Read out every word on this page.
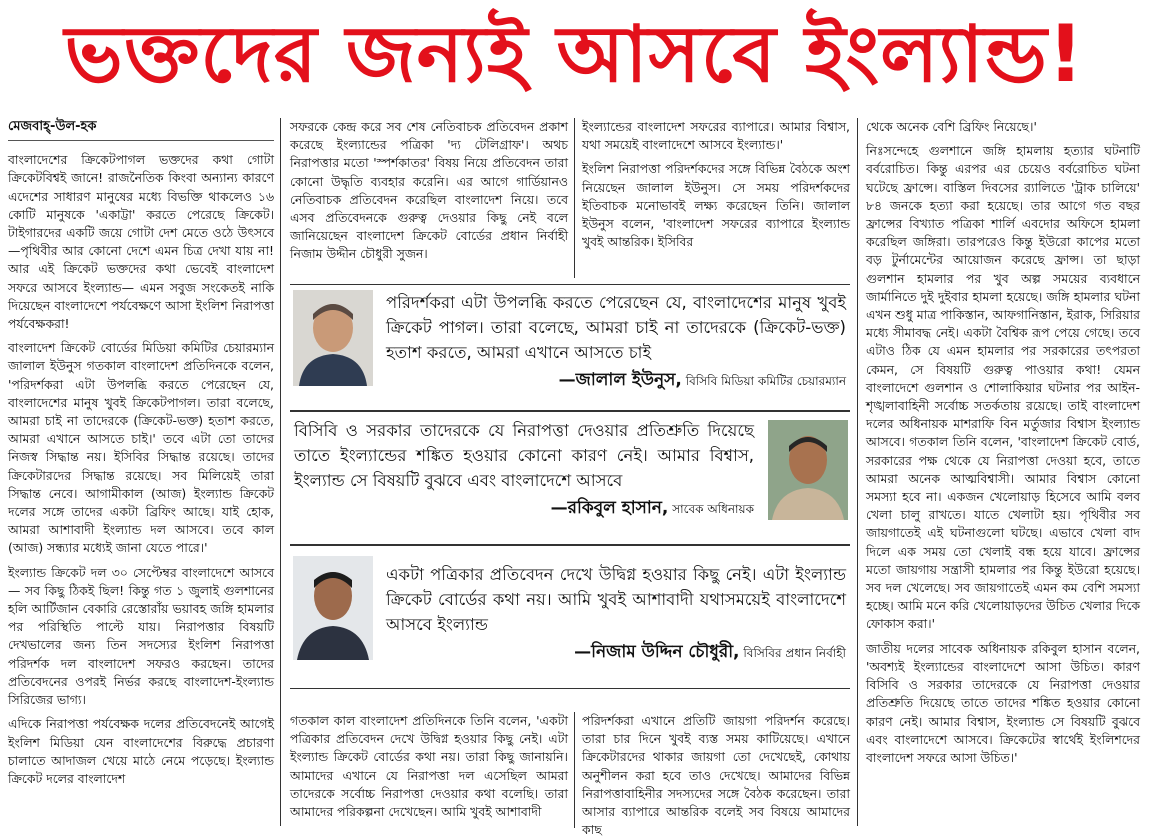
ভক্তদের জন্যই আসবে ইংল্যান্ড!

মেজবাহ্-উল-হক

বাংলাদেশের ক্রিকেটপাগল ভক্তদের কথা গোটা ক্রিকেটবিশ্বই জানে! রাজনৈতিক কিংবা অন্যান্য কারণে এদেশের সাধারণ মানুষের মধ্যে বিভক্তি থাকলেও ১৬ কোটি মানুষকে 'একাট্টা' করতে পেরেছে ক্রিকেট। টাইগারদের একটি জয়ে গোটা দেশ মেতে ওঠে উৎসবে—পৃথিবীর আর কোনো দেশে এমন চিত্র দেখা যায় না! আর এই ক্রিকেট ভক্তদের কথা ভেবেই বাংলাদেশ সফরে আসবে ইংল্যান্ড— এমন সবুজ সংকেতই নাকি দিয়েছেন বাংলাদেশে পর্যবেক্ষণে আসা ইংলিশ নিরাপত্তা পর্যবেক্ষকরা!

বাংলাদেশ ক্রিকেট বোর্ডের মিডিয়া কমিটির চেয়ারম্যান জালাল ইউনুস গতকাল বাংলাদেশ প্রতিদিনকে বলেন, 'পরিদর্শকরা এটা উপলব্ধি করতে পেরেছেন যে, বাংলাদেশের মানুষ খুবই ক্রিকেটপাগল। তারা বলেছে, আমরা চাই না তাদেরকে (ক্রিকেট-ভক্ত) হতাশ করতে, আমরা এখানে আসতে চাই।' তবে এটা তো তাদের নিজস্ব সিদ্ধান্ত নয়। ইসিবির সিদ্ধান্ত রয়েছে। তাদের ক্রিকেটারদের সিদ্ধান্ত রয়েছে। সব মিলিয়েই তারা সিদ্ধান্ত নেবে। আগামীকাল (আজ) ইংল্যান্ড ক্রিকেট দলের সঙ্গে তাদের একটা ব্রিফিং আছে। যাই হোক, আমরা আশাবাদী ইংল্যান্ড দল আসবে। তবে কাল (আজ) সন্ধ্যার মধ্যেই জানা যেতে পারে।'

ইংল্যান্ড ক্রিকেট দল ৩০ সেপ্টেম্বর বাংলাদেশে আসবে— সব কিছু ঠিকই ছিল! কিন্তু গত ১ জুলাই গুলশানের হলি আর্টিজান বেকারি রেস্তোরাঁয় ভয়াবহ জঙ্গি হামলার পর পরিস্থিতি পাল্টে যায়। নিরাপত্তার বিষয়টি দেখভালের জন্য তিন সদস্যের ইংলিশ নিরাপত্তা পরিদর্শক দল বাংলাদেশ সফরও করছেন। তাদের প্রতিবেদনের ওপরই নির্ভর করছে বাংলাদেশ-ইংল্যান্ড সিরিজের ভাগ্য।

এদিকে নিরাপত্তা পর্যবেক্ষক দলের প্রতিবেদনেই আগেই ইংলিশ মিডিয়া যেন বাংলাদেশের বিরুদ্ধে প্রচারণা চালাতে আদাজল খেয়ে মাঠে নেমে পড়েছে। ইংল্যান্ড ক্রিকেট দলের বাংলাদেশ

সফরকে কেন্দ্র করে সব শেষ নেতিবাচক প্রতিবেদন প্রকাশ করেছে ইংল্যান্ডের পত্রিকা 'দ্য টেলিগ্রাফ'। অথচ নিরাপত্তার মতো 'স্পর্শকাতর' বিষয় নিয়ে প্রতিবেদন তারা কোনো উদ্ধৃতি ব্যবহার করেনি। এর আগে গার্ডিয়ানও নেতিবাচক প্রতিবেদন করেছিল বাংলাদেশ নিয়ে। তবে এসব প্রতিবেদনকে গুরুত্ব দেওয়ার কিছু নেই বলে জানিয়েছেন বাংলাদেশ ক্রিকেট বোর্ডের প্রধান নির্বাহী নিজাম উদ্দীন চৌধুরী সুজন।

ইংল্যান্ডের বাংলাদেশ সফরের ব্যাপারে। আমার বিশ্বাস, যথা সময়েই বাংলাদেশে আসবে ইংল্যান্ড।'

ইংলিশ নিরাপত্তা পরিদর্শকদের সঙ্গে বিভিন্ন বৈঠকে অংশ নিয়েছেন জালাল ইউনুস। সে সময় পরিদর্শকদের ইতিবাচক মনোভাবই লক্ষ্য করেছেন তিনি। জালাল ইউনুস বলেন, 'বাংলাদেশ সফরের ব্যাপারে ইংল্যান্ড খুবই আন্তরিক। ইসিবির

থেকে অনেক বেশি ব্রিফিং নিয়েছে।'

নিঃসন্দেহে গুলশানে জঙ্গি হামলায় হত্যার ঘটনাটি বর্বরোচিত। কিন্তু এরপর এর চেয়েও বর্বরোচিত ঘটনা ঘটেছে ফ্রান্সে। বাস্তিল দিবসের র‌্যালিতে 'ট্রাক চালিয়ে' ৮৪ জনকে হত্যা করা হয়েছে। তার আগে গত বছর ফ্রান্সের বিখ্যাত পত্রিকা শার্লি এবদোর অফিসে হামলা করেছিল জঙ্গিরা। তারপরেও কিন্তু ইউরো কাপের মতো বড় টুর্নামেন্টের আয়োজন করেছে ফ্রান্স। তা ছাড়া গুলশান হামলার পর খুব অল্প সময়ের ব্যবধানে জার্মানিতে দুই দুইবার হামলা হয়েছে। জঙ্গি হামলার ঘটনা এখন শুধু মাত্র পাকিস্তান, আফগানিস্তান, ইরাক, সিরিয়ার মধ্যে সীমাবদ্ধ নেই। একটা বৈশ্বিক রূপ পেয়ে গেছে। তবে এটাও ঠিক যে এমন হামলার পর সরকারের তৎপরতা কেমন, সে বিষয়টি গুরুত্ব পাওয়ার কথা! যেমন বাংলাদেশে গুলশান ও শোলাকিয়ার ঘটনার পর আইন-শৃঙ্খলাবাহিনী সর্বোচ্চ সতর্কতায় রয়েছে। তাই বাংলাদেশ দলের অধিনায়ক মাশরাফি বিন মর্তুজার বিশ্বাস ইংল্যান্ড আসবে। গতকাল তিনি বলেন, 'বাংলাদেশ ক্রিকেট বোর্ড, সরকারের পক্ষ থেকে যে নিরাপত্তা দেওয়া হবে, তাতে আমরা অনেক আত্মবিশ্বাসী। আমার বিশ্বাস কোনো সমস্যা হবে না। একজন খেলোয়াড় হিসেবে আমি বলব খেলা চালু রাখতে। যাতে খেলাটা হয়। পৃথিবীর সব জায়গাতেই এই ঘটনাগুলো ঘটছে। এভাবে খেলা বাদ দিলে এক সময় তো খেলাই বন্ধ হয়ে যাবে। ফ্রান্সের মতো জায়গায় সন্ত্রাসী হামলার পর কিন্তু ইউরো হয়েছে। সব দল খেলেছে। সব জায়গাতেই এমন কম বেশি সমস্যা হচ্ছে। আমি মনে করি খেলোয়াড়দের উচিত খেলার দিকে ফোকাস করা।'

জাতীয় দলের সাবেক অধিনায়ক রকিবুল হাসান বলেন, 'অবশ্যই ইংল্যান্ডের বাংলাদেশে আসা উচিত। কারণ বিসিবি ও সরকার তাদেরকে যে নিরাপত্তা দেওয়ার প্রতিশ্রুতি দিয়েছে তাতে তাদের শঙ্কিত হওয়ার কোনো কারণ নেই। আমার বিশ্বাস, ইংল্যান্ড সে বিষয়টি বুঝবে এবং বাংলাদেশে আসবে। ক্রিকেটের স্বার্থেই ইংলিশদের বাংলাদেশ সফরে আসা উচিত।'

পরিদর্শকরা এটা উপলব্ধি করতে পেরেছেন যে, বাংলাদেশের মানুষ খুবই ক্রিকেট পাগল। তারা বলেছে, আমরা চাই না তাদেরকে (ক্রিকেট-ভক্ত) হতাশ করতে, আমরা এখানে আসতে চাই
—জালাল ইউনুস, বিসিবি মিডিয়া কমিটির চেয়ারম্যান
বিসিবি ও সরকার তাদেরকে যে নিরাপত্তা দেওয়ার প্রতিশ্রুতি দিয়েছে তাতে ইংল্যান্ডের শঙ্কিত হওয়ার কোনো কারণ নেই। আমার বিশ্বাস, ইংল্যান্ড সে বিষয়টি বুঝবে এবং বাংলাদেশে আসবে
—রকিবুল হাসান, সাবেক অধিনায়ক
একটা পত্রিকার প্রতিবেদন দেখে উদ্বিগ্ন হওয়ার কিছু নেই। এটা ইংল্যান্ড ক্রিকেট বোর্ডের কথা নয়। আমি খুবই আশাবাদী যথাসময়েই বাংলাদেশে আসবে ইংল্যান্ড
—নিজাম উদ্দিন চৌধুরী, বিসিবির প্রধান নির্বাহী

গতকাল কাল বাংলাদেশ প্রতিদিনকে তিনি বলেন, 'একটা পত্রিকার প্রতিবেদন দেখে উদ্বিগ্ন হওয়ার কিছু নেই। এটা ইংল্যান্ড ক্রিকেট বোর্ডের কথা নয়। তারা কিছু জানায়নি। আমাদের এখানে যে নিরাপত্তা দল এসেছিল আমরা তাদেরকে সর্বোচ্চ নিরাপত্তা দেওয়ার কথা বলেছি। তারা আমাদের পরিকল্পনা দেখেছেন। আমি খুবই আশাবাদী

পরিদর্শকরা এখানে প্রতিটি জায়গা পরিদর্শন করেছে। তারা চার দিনে খুবই ব্যস্ত সময় কাটিয়েছে। এখানে ক্রিকেটারদের থাকার জায়গা তো দেখেছেই, কোথায় অনুশীলন করা হবে তাও দেখেছে। আমাদের বিভিন্ন নিরাপত্তাবাহিনীর সদস্যদের সঙ্গে বৈঠক করেছেন। তারা আসার ব্যাপারে আন্তরিক বলেই সব বিষয়ে আমাদের কাছ
